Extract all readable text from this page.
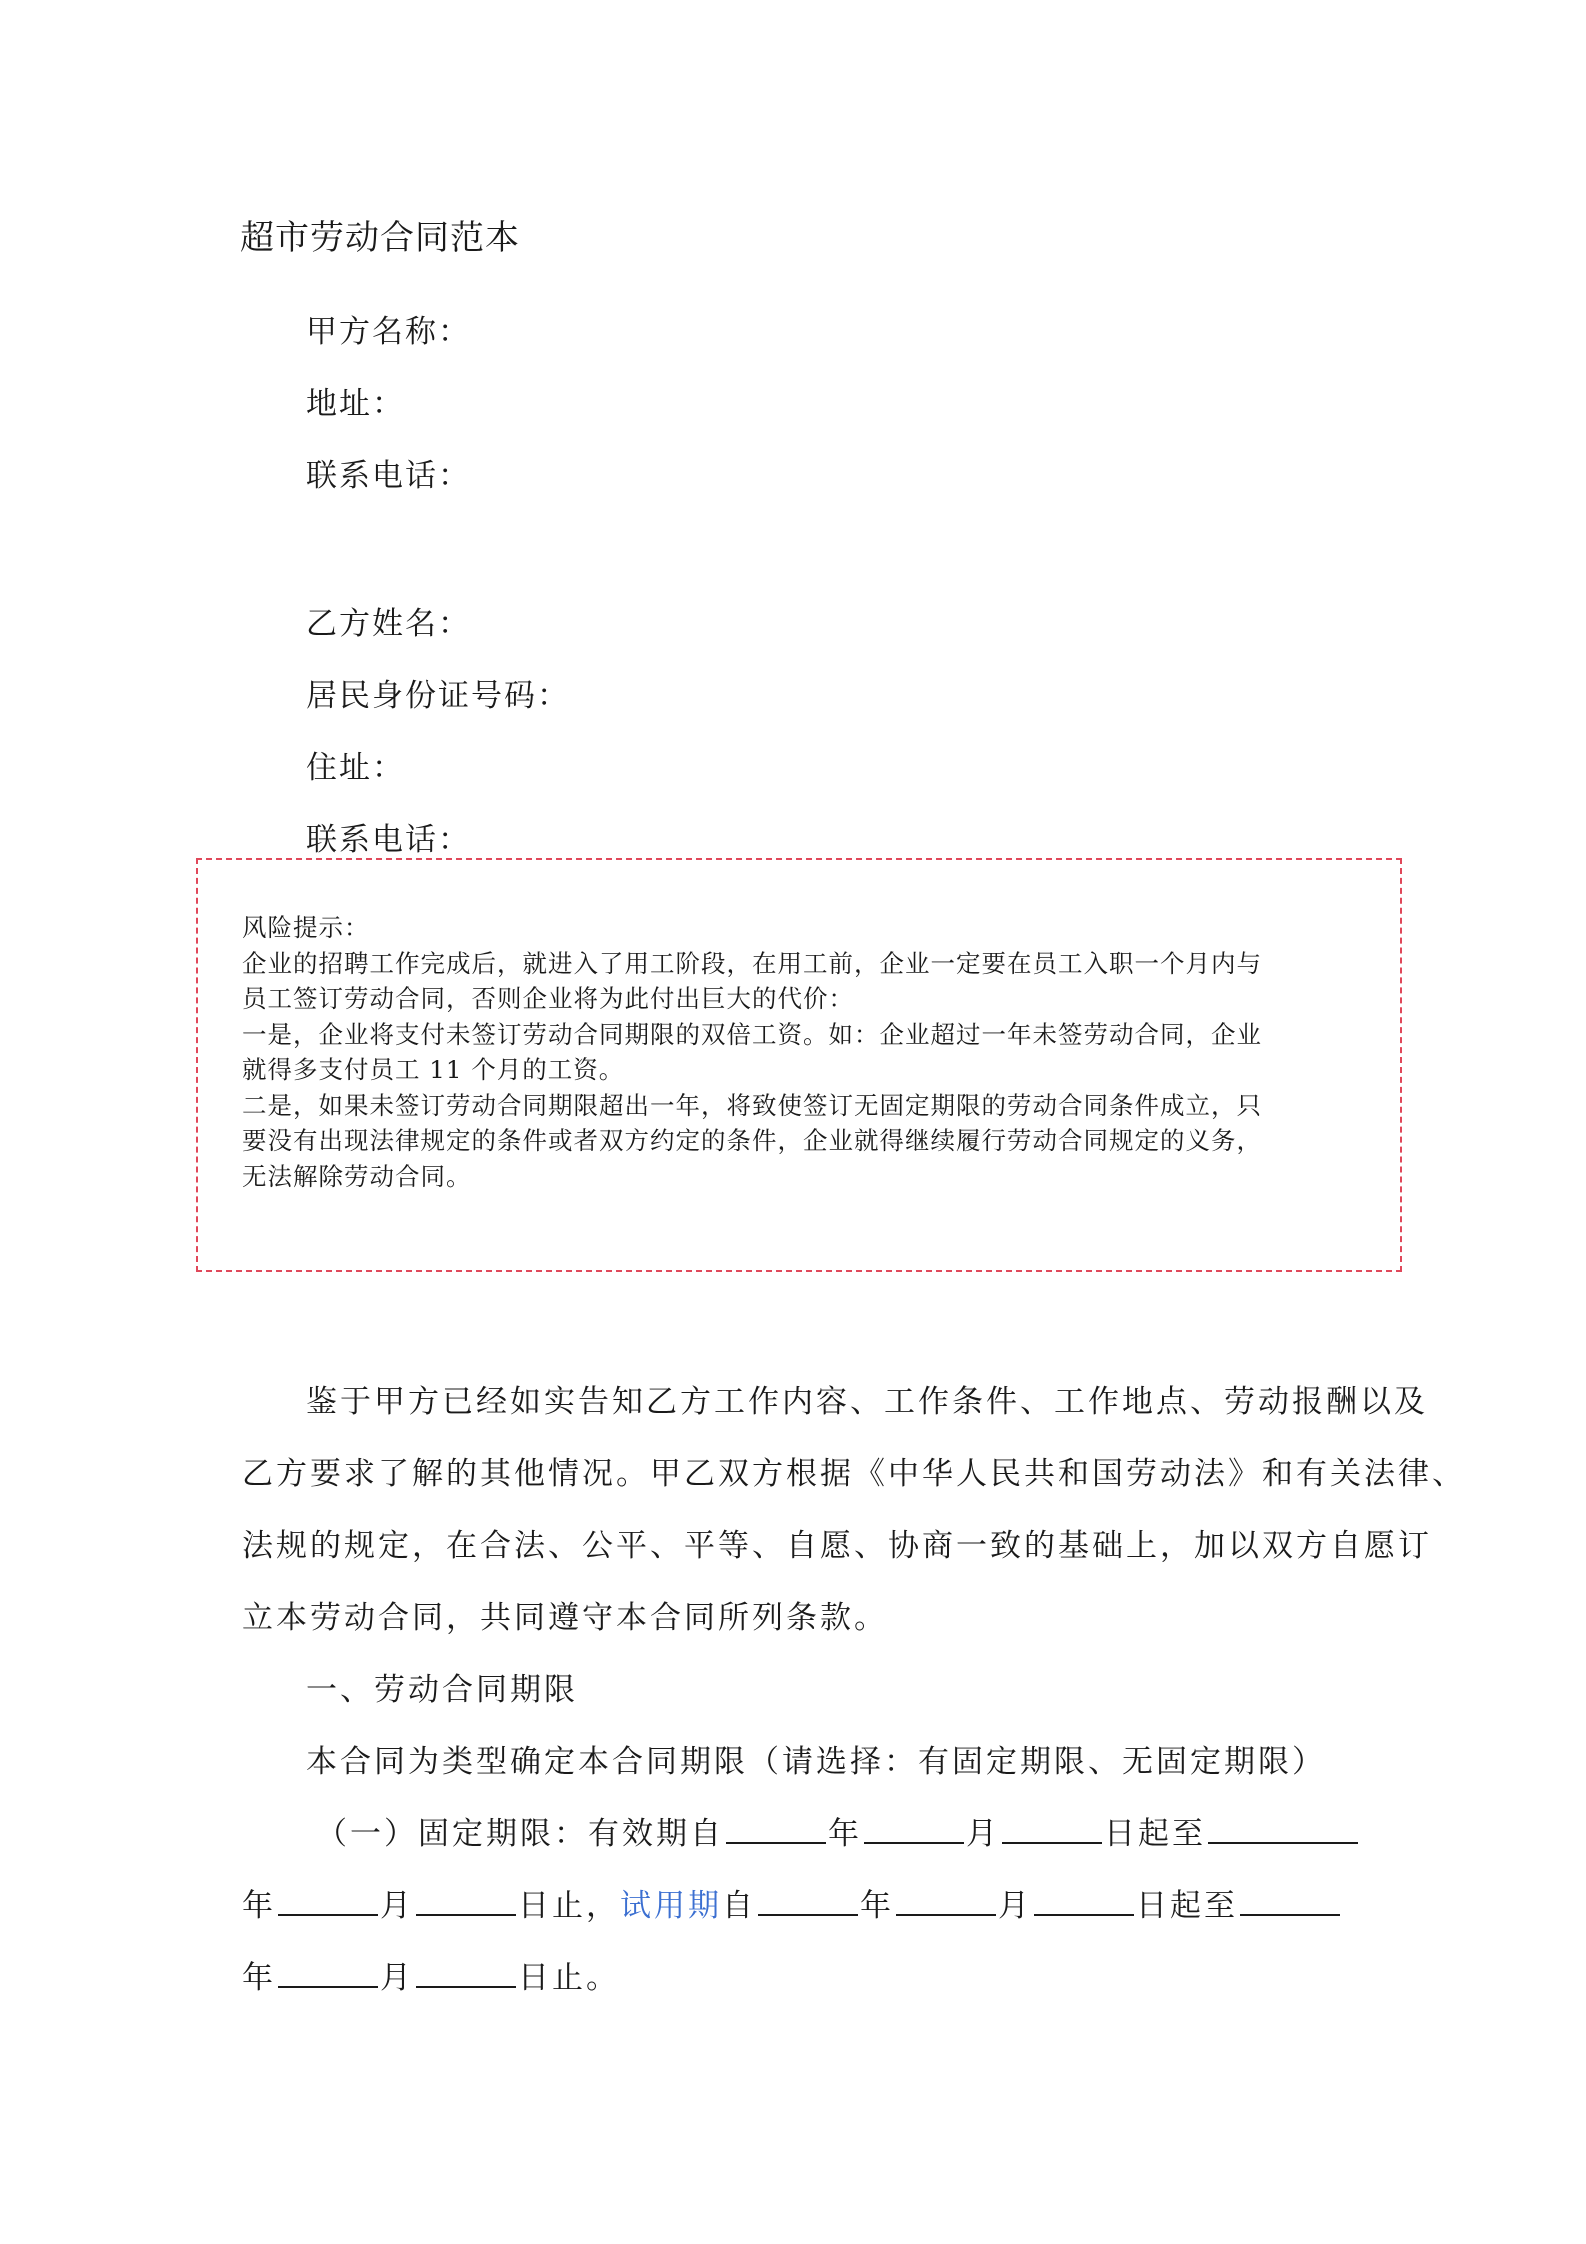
超市劳动合同范本
甲方名称：
地址：
联系电话：
乙方姓名：
居民身份证号码：
住址：
联系电话：
风险提示：
企业的招聘工作完成后，就进入了用工阶段，在用工前，企业一定要在员工入职一个月内与
员工签订劳动合同，否则企业将为此付出巨大的代价：
一是，企业将支付未签订劳动合同期限的双倍工资。如：企业超过一年未签劳动合同，企业
就得多支付员工 11 个月的工资。
二是，如果未签订劳动合同期限超出一年，将致使签订无固定期限的劳动合同条件成立，只
要没有出现法律规定的条件或者双方约定的条件，企业就得继续履行劳动合同规定的义务，
无法解除劳动合同。
鉴于甲方已经如实告知乙方工作内容、工作条件、工作地点、劳动报酬以及
乙方要求了解的其他情况。甲乙双方根据《中华人民共和国劳动法》和有关法律、
法规的规定，在合法、公平、平等、自愿、协商一致的基础上，加以双方自愿订
立本劳动合同，共同遵守本合同所列条款。
一、劳动合同期限
本合同为类型确定本合同期限（请选择：有固定期限、无固定期限）
（一）固定期限：有效期自	年	月	日起至
年	月	日止，试用期自	年	月	日起至
年	月	日止。
